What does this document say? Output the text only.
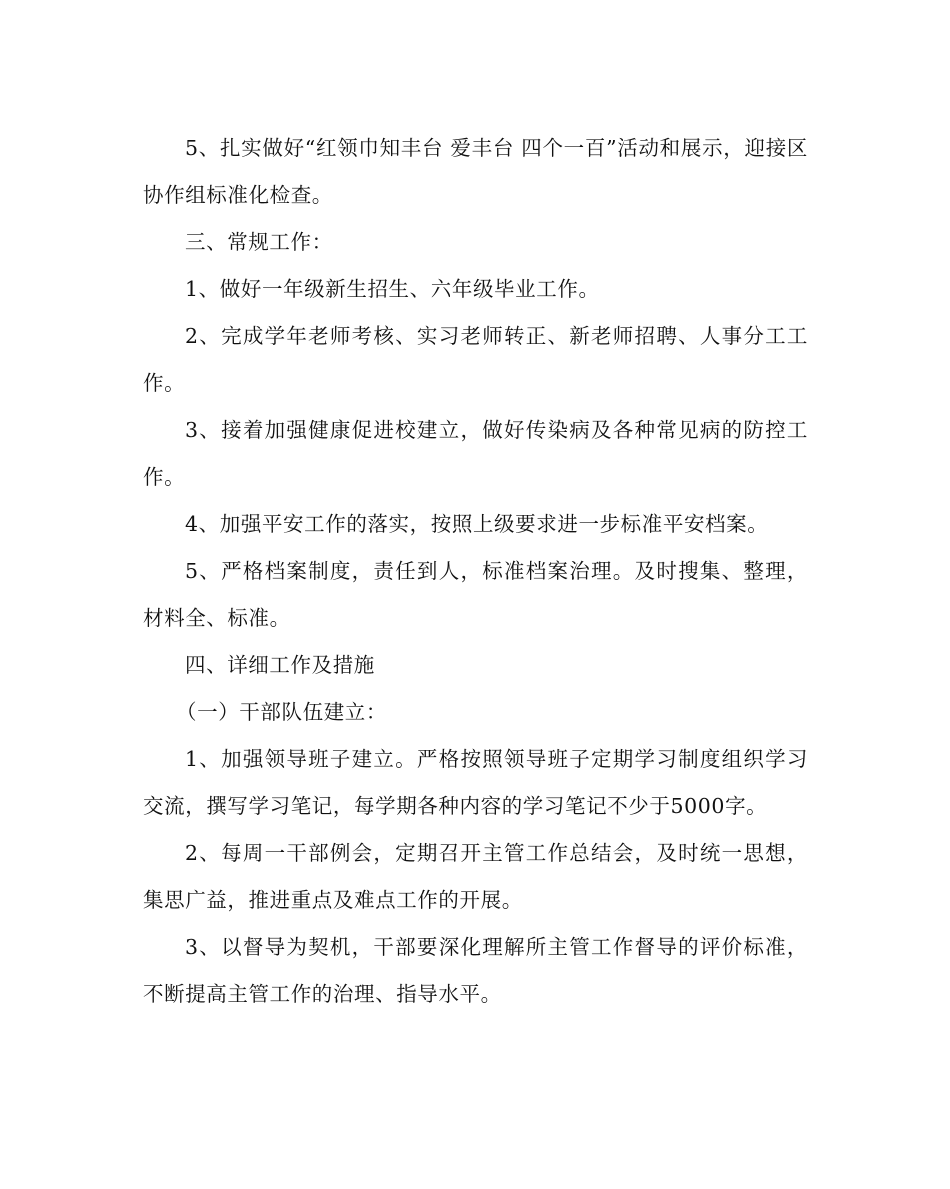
5、扎实做好“红领巾知丰台 爱丰台 四个一百”活动和展示，迎接区协作组标准化检查。

三、常规工作：

1、做好一年级新生招生、六年级毕业工作。

2、完成学年老师考核、实习老师转正、新老师招聘、人事分工工作。

3、接着加强健康促进校建立，做好传染病及各种常见病的防控工作。

4、加强平安工作的落实，按照上级要求进一步标准平安档案。

5、严格档案制度，责任到人，标准档案治理。及时搜集、整理，材料全、标准。

四、详细工作及措施

（一）干部队伍建立：

1、加强领导班子建立。严格按照领导班子定期学习制度组织学习交流，撰写学习笔记，每学期各种内容的学习笔记不少于5000字。

2、每周一干部例会，定期召开主管工作总结会，及时统一思想，集思广益，推进重点及难点工作的开展。

3、以督导为契机，干部要深化理解所主管工作督导的评价标准，不断提高主管工作的治理、指导水平。
